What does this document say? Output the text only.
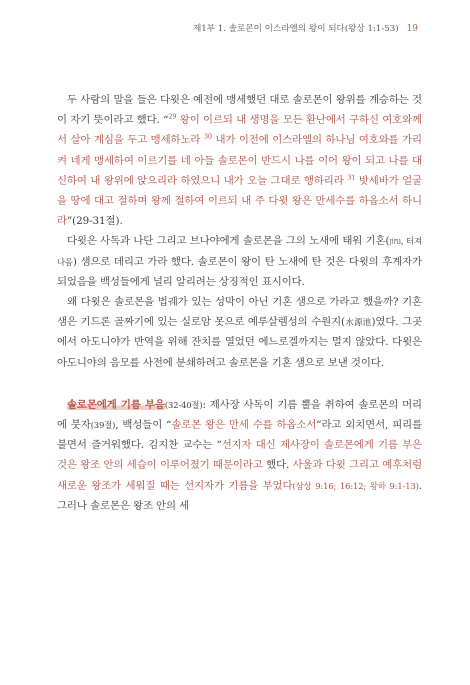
제1부 1. 솔로몬이 이스라엘의 왕이 되다(왕상 1:1-53) 19

두 사람의 말을 들은 다윗은 예전에 맹세했던 대로 솔로몬이 왕위를 계승하는 것이 자기 뜻이라고 했다. “$^{29}$ 왕이 이르되 내 생명을 모든 환난에서 구하신 여호와께서 살아 계심을 두고 맹세하노라 $^{30}$ 내가 이전에 이스라엘의 하나님 여호와를 가리켜 네게 맹세하여 이르기를 네 아들 솔로몬이 반드시 나를 이어 왕이 되고 나를 대신하여 내 왕위에 앉으리라 하였으니 내가 오늘 그대로 행하리라 $^{31}$ 밧세바가 얼굴을 땅에 대고 절하며 왕께 절하여 이르되 내 주 다윗 왕은 만세수를 하옵소서 하니라”(29-31절).

다윗은 사독과 나단 그리고 브나야에게 솔로몬을 그의 노새에 태워 기혼(גִּחוֹן, 터져 나옴) 샘으로 데리고 가라 했다. 솔로몬이 왕이 탄 노새에 탄 것은 다윗의 후계자가 되었음을 백성들에게 널리 알리려는 상징적인 표시이다.

왜 다윗은 솔로몬을 법궤가 있는 성막이 아닌 기혼 샘으로 가라고 했을까? 기혼 샘은 기드론 골짜기에 있는 실로암 못으로 예루살렘성의 수원지(水源池)였다. 그곳에서 아도니야가 반역을 위해 잔치를 열었던 에느로겔까지는 멀지 않았다. 다윗은 아도니야의 음모를 사전에 분쇄하려고 솔로몬을 기혼 샘으로 보낸 것이다.

솔로몬에게 기름 부음(32-40절): 제사장 사독이 기름 뿔을 취하여 솔로몬의 머리에 붓자(39절), 백성들이 “솔로몬 왕은 만세 수를 하옵소서”라고 외치면서, 피리를 불면서 즐거워했다. 김지찬 교수는 “선지자 대신 제사장이 솔로몬에게 기름 부은 것은 왕조 안의 세습이 이루어졌기 때문이라고 했다. 사울과 다윗 그리고 예후처럼 새로운 왕조가 세워질 때는 선지자가 기름을 부었다(삼상 9:16; 16:12; 왕하 9:1-13). 그러나 솔로몬은 왕조 안의 세
